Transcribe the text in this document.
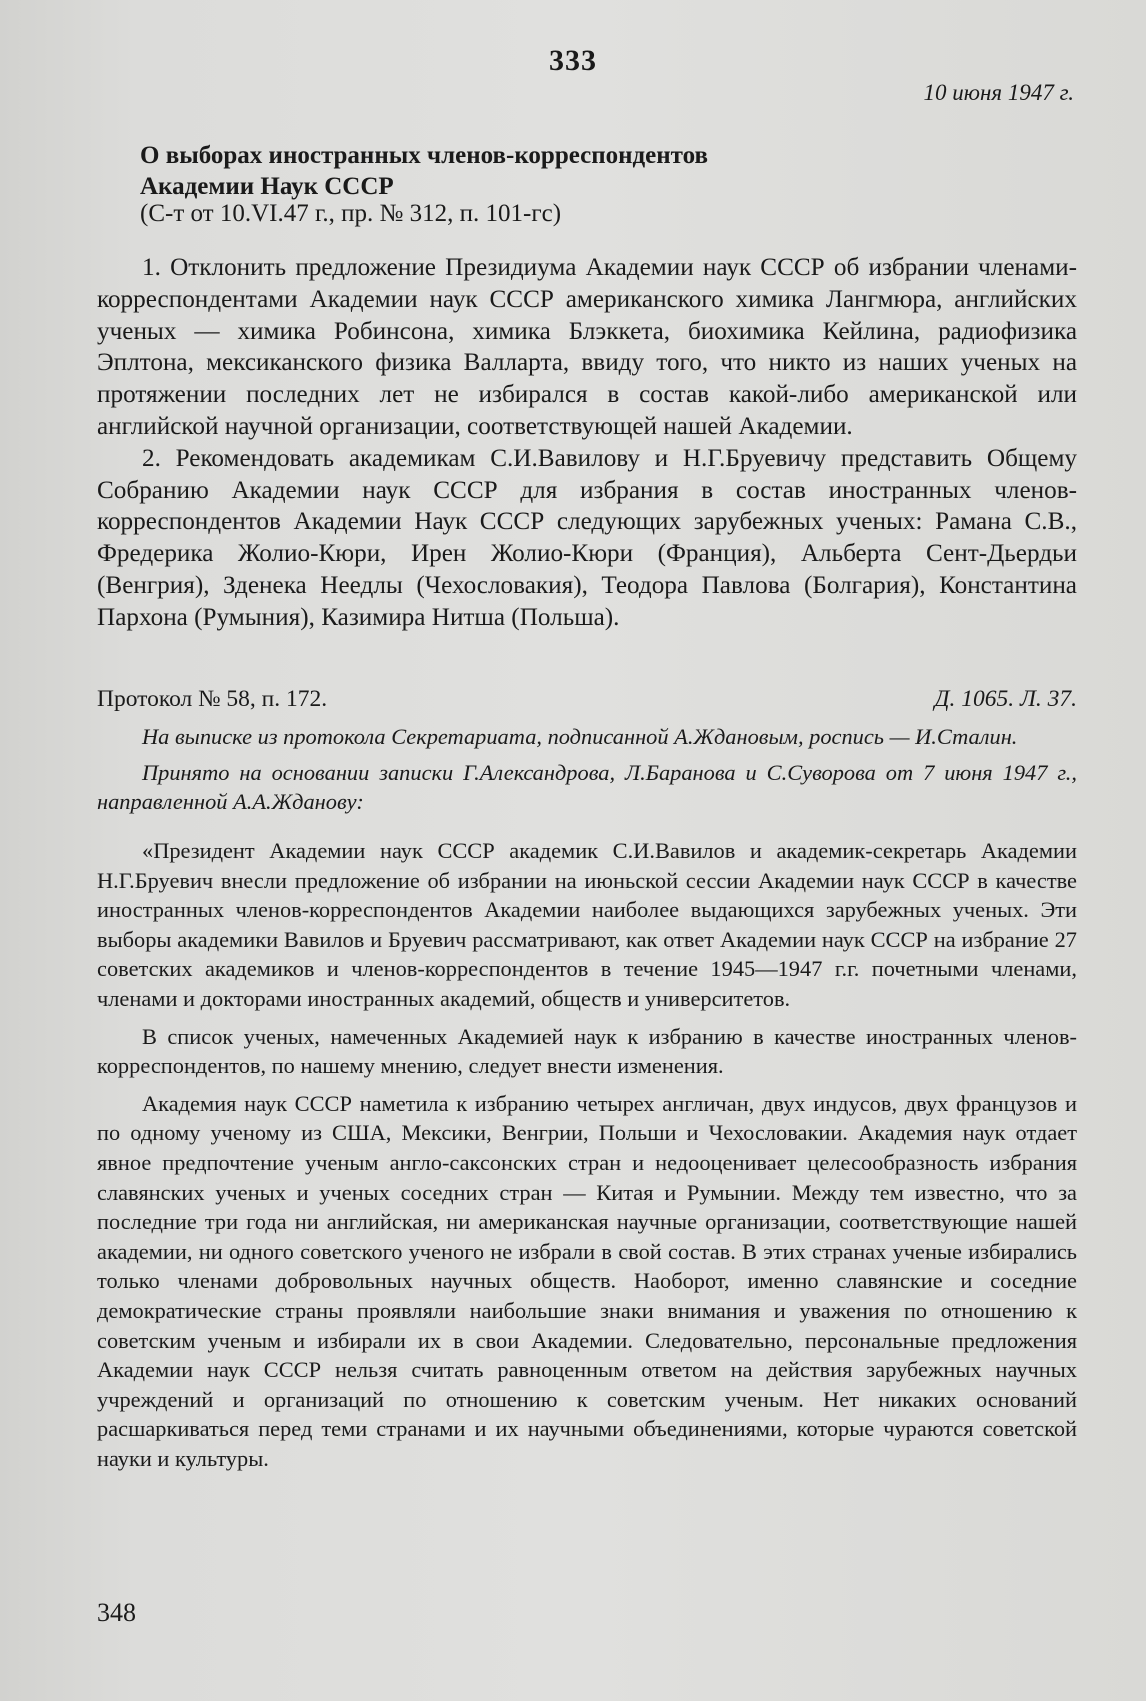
333
10 июня 1947 г.
О выборах иностранных членов-корреспондентов
Академии Наук СССР
(С-т от 10.VI.47 г., пр. № 312, п. 101-гс)

1. Отклонить предложение Президиума Академии наук СССР об избрании членами-корреспондентами Академии наук СССР американского химика Лангмюра, английских ученых — химика Робинсона, химика Блэккета, биохимика Кейлина, радиофизика Эплтона, мексиканского физика Валларта, ввиду того, что никто из наших ученых на протяжении последних лет не избирался в состав какой-либо американской или английской научной организации, соответствующей нашей Академии.

2. Рекомендовать академикам С.И.Вавилову и Н.Г.Бруевичу представить Общему Собранию Академии наук СССР для избрания в состав иностранных членов-корреспондентов Академии Наук СССР следующих зарубежных ученых: Рамана С.В., Фредерика Жолио-Кюри, Ирен Жолио-Кюри (Франция), Альберта Сент-Дьердьи (Венгрия), Зденека Неедлы (Чехословакия), Теодора Павлова (Болгария), Константина Пархона (Румыния), Казимира Нитша (Польша).

Протокол № 58, п. 172.	Д. 1065. Л. 37.

На выписке из протокола Секретариата, подписанной А.Ждановым, роспись — И.Сталин.

Принято на основании записки Г.Александрова, Л.Баранова и С.Суворова от 7 июня 1947 г., направленной А.А.Жданову:

«Президент Академии наук СССР академик С.И.Вавилов и академик-секретарь Академии Н.Г.Бруевич внесли предложение об избрании на июньской сессии Академии наук СССР в качестве иностранных членов-корреспондентов Академии наиболее выдающихся зарубежных ученых. Эти выборы академики Вавилов и Бруевич рассматривают, как ответ Академии наук СССР на избрание 27 советских академиков и членов-корреспондентов в течение 1945—1947 г.г. почетными членами, членами и докторами иностранных академий, обществ и университетов.

В список ученых, намеченных Академией наук к избранию в качестве иностранных членов-корреспондентов, по нашему мнению, следует внести изменения.

Академия наук СССР наметила к избранию четырех англичан, двух индусов, двух французов и по одному ученому из США, Мексики, Венгрии, Польши и Чехословакии. Академия наук отдает явное предпочтение ученым англо-саксонских стран и недооценивает целесообразность избрания славянских ученых и ученых соседних стран — Китая и Румынии. Между тем известно, что за последние три года ни английская, ни американская научные организации, соответствующие нашей академии, ни одного советского ученого не избрали в свой состав. В этих странах ученые избирались только членами добровольных научных обществ. Наоборот, именно славянские и соседние демократические страны проявляли наибольшие знаки внимания и уважения по отношению к советским ученым и избирали их в свои Академии. Следовательно, персональные предложения Академии наук СССР нельзя считать равноценным ответом на действия зарубежных научных учреждений и организаций по отношению к советским ученым. Нет никаких оснований расшаркиваться перед теми странами и их научными объединениями, которые чураются советской науки и культуры.

348
